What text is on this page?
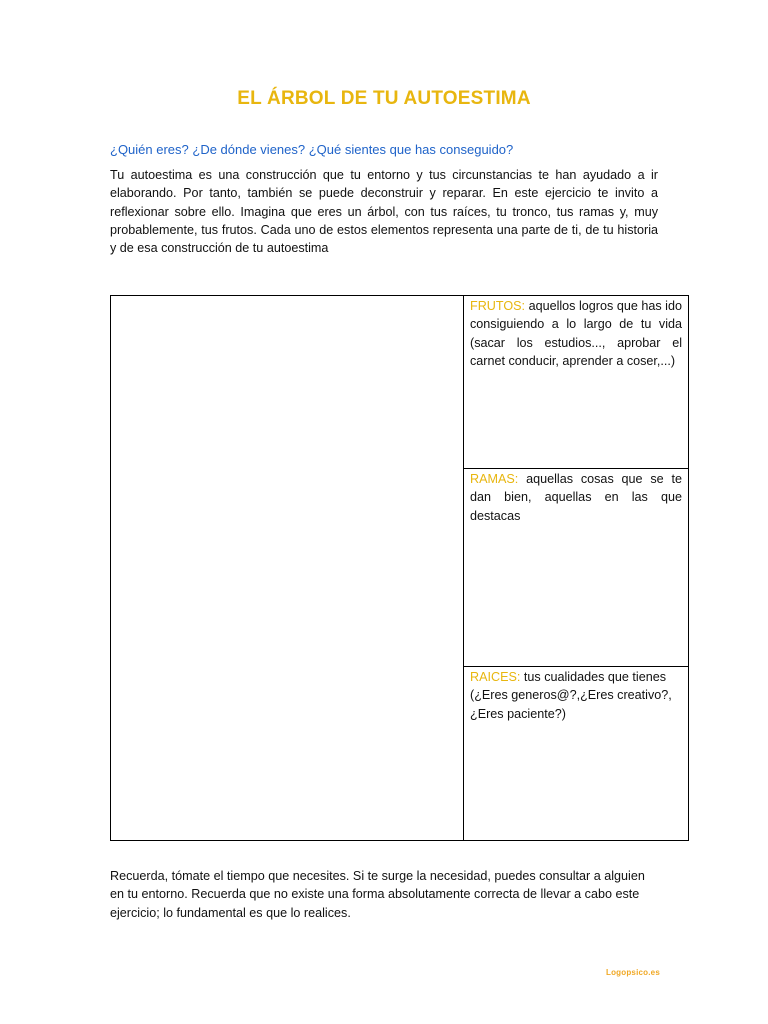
EL ÁRBOL DE TU AUTOESTIMA
¿Quién eres? ¿De dónde vienes? ¿Qué sientes que has conseguido?
Tu autoestima es una construcción que tu entorno y tus circunstancias te han ayudado a ir elaborando. Por tanto, también se puede deconstruir y reparar. En este ejercicio te invito a reflexionar sobre ello. Imagina que eres un árbol, con tus raíces, tu tronco, tus ramas y, muy probablemente, tus frutos. Cada uno de estos elementos representa una parte de ti, de tu historia y de esa construcción de tu autoestima
FRUTOS: aquellos logros que has ido consiguiendo a lo largo de tu vida (sacar los estudios..., aprobar el carnet conducir, aprender a coser,...)
RAMAS: aquellas cosas que se te dan bien, aquellas en las que destacas
RAICES: tus cualidades que tienes (¿Eres generos@?,¿Eres creativo?, ¿Eres paciente?)
Recuerda, tómate el tiempo que necesites. Si te surge la necesidad, puedes consultar a alguien en tu entorno. Recuerda que no existe una forma absolutamente correcta de llevar a cabo este ejercicio; lo fundamental es que lo realices.
Logopsico.es
